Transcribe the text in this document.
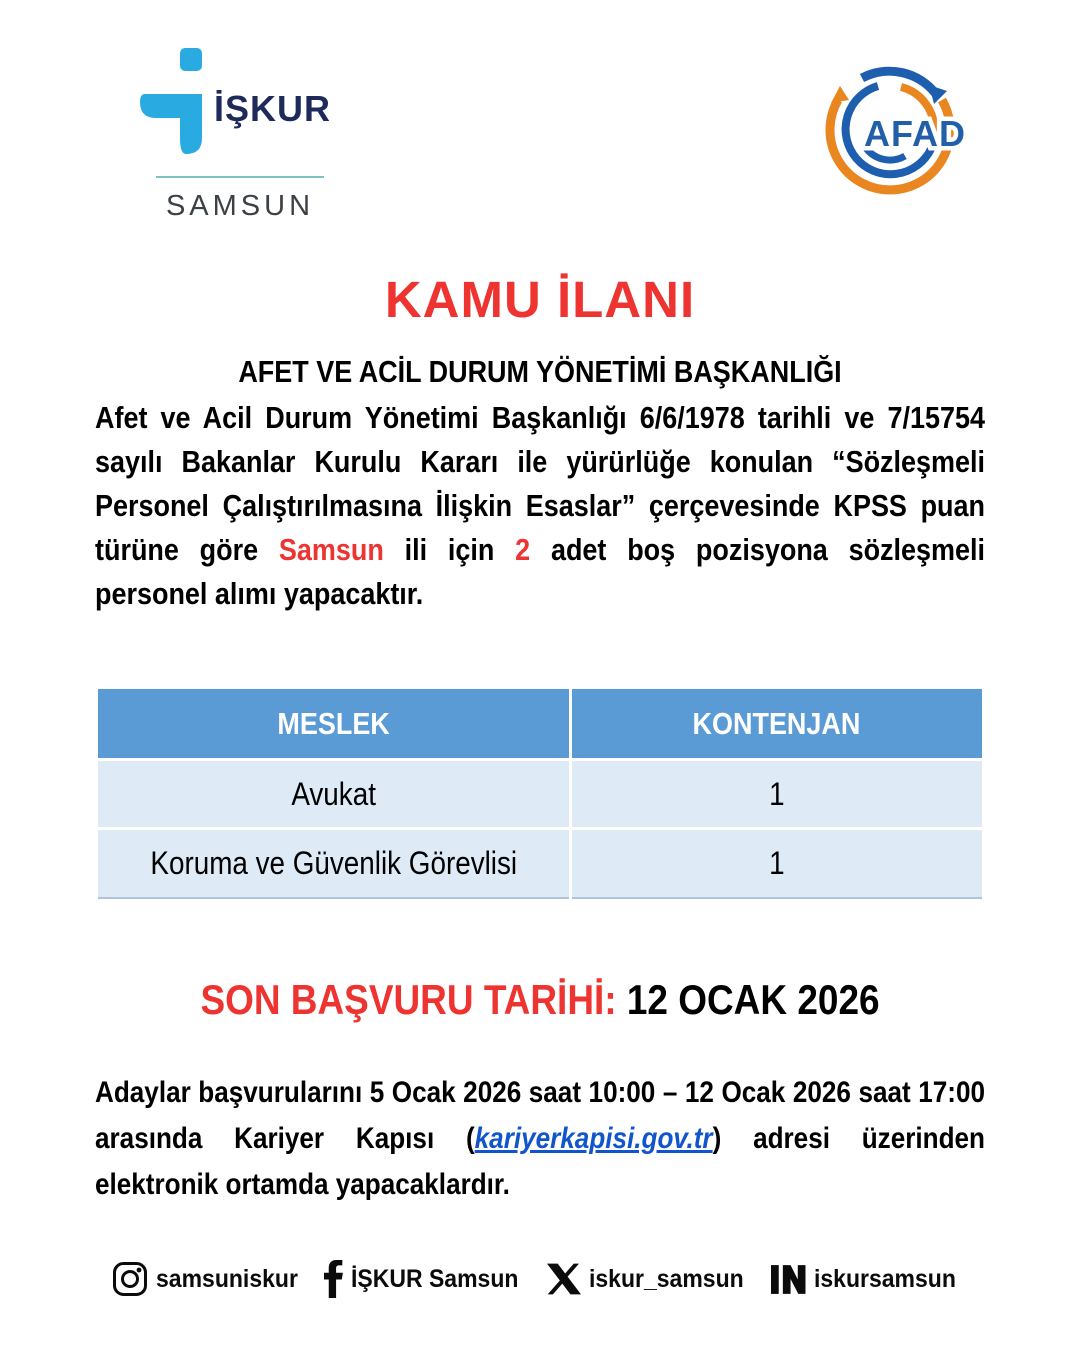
İŞKUR
SAMSUN
AFAD
KAMU İLANI
AFET VE ACİL DURUM YÖNETİMİ BAŞKANLIĞI
Afet ve Acil Durum Yönetimi Başkanlığı 6/6/1978 tarihli ve 7/15754 sayılı Bakanlar Kurulu Kararı ile yürürlüğe konulan “Sözleşmeli Personel Çalıştırılmasına İlişkin Esaslar” çerçevesinde KPSS puan türüne göre Samsun ili için 2 adet boş pozisyona sözleşmeli personel alımı yapacaktır.
MESLEK	KONTENJAN
Avukat	1
Koruma ve Güvenlik Görevlisi	1
SON BAŞVURU TARİHİ: 12 OCAK 2026
Adaylar başvurularını 5 Ocak 2026 saat 10:00 – 12 Ocak 2026 saat 17:00 arasında Kariyer Kapısı (kariyerkapisi.gov.tr) adresi üzerinden elektronik ortamda yapacaklardır.
samsuniskur İŞKUR Samsun	iskur_samsun	iskursamsun
